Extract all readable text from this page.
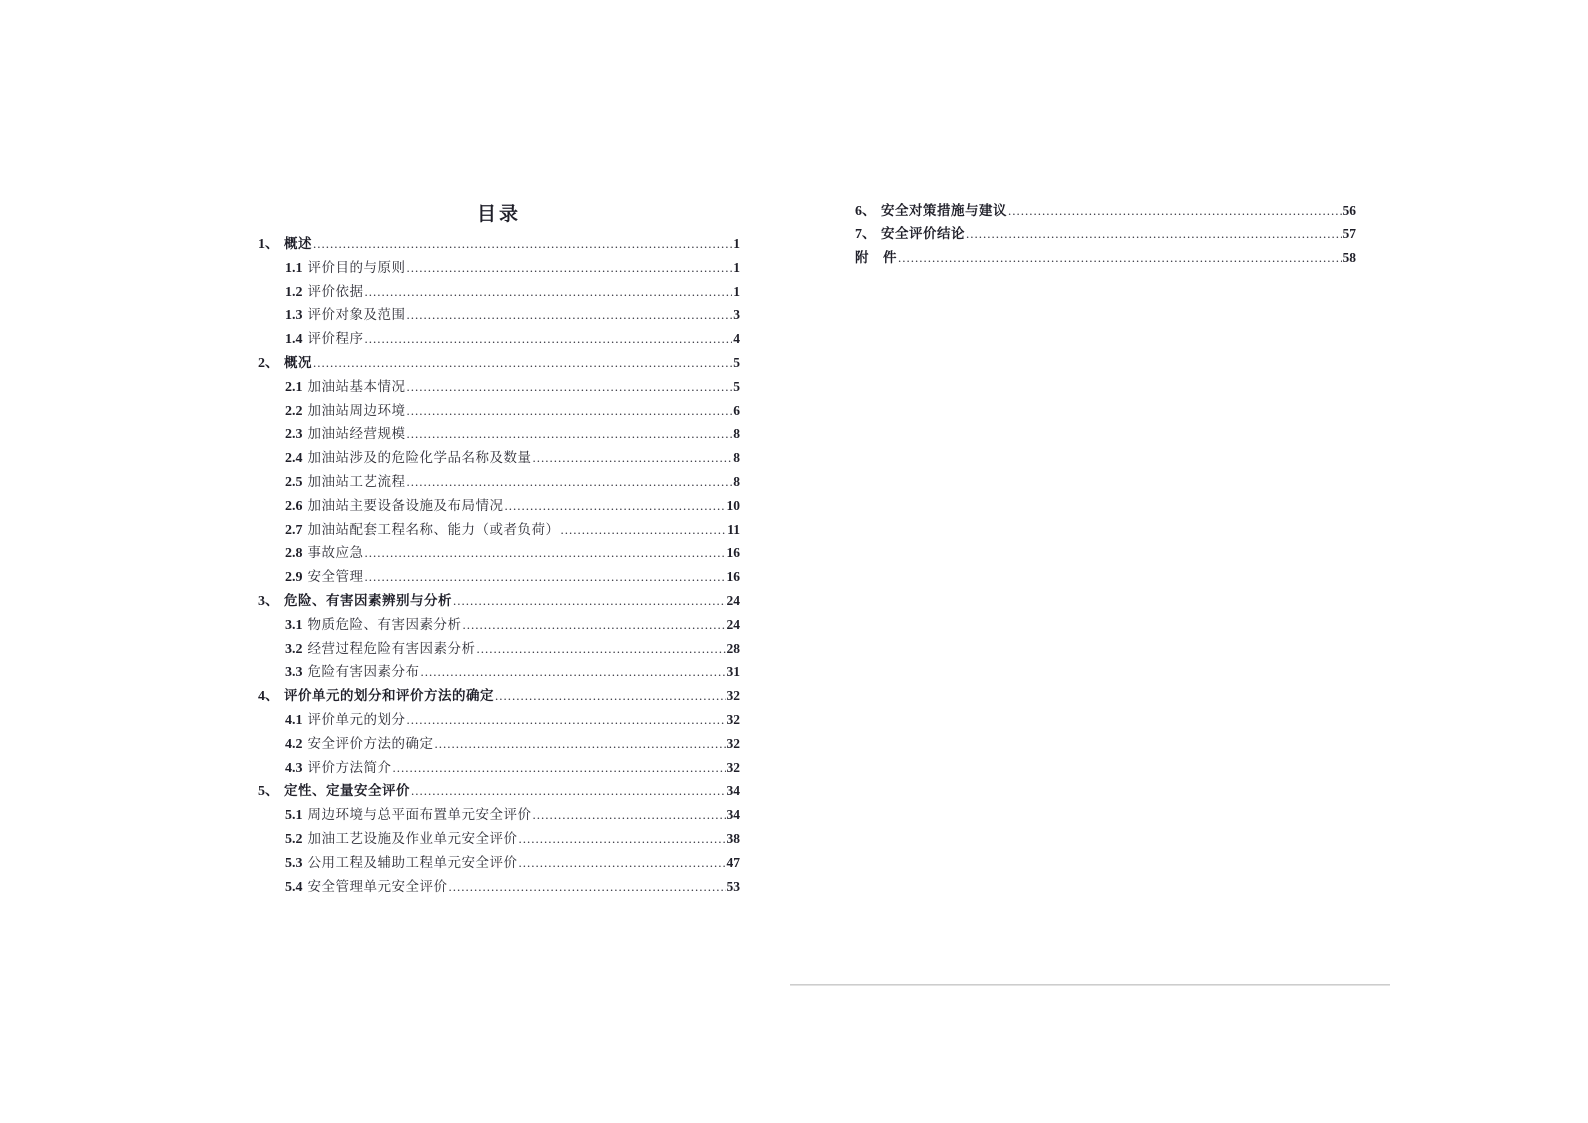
目录
1、 概述 .....	1
1.1 评价目的与原则 .....	1
1.2 评价依据 .....	1
1.3 评价对象及范围 .....	3
1.4 评价程序 .....	4
2、 概况 .....	5
2.1 加油站基本情况 .....	5
2.2 加油站周边环境 .....	6
2.3 加油站经营规模 .....	8
2.4 加油站涉及的危险化学品名称及数量 .....	8
2.5 加油站工艺流程 .....	8
2.6 加油站主要设备设施及布局情况 .....	10
2.7 加油站配套工程名称、能力（或者负荷） .....	11
2.8 事故应急 .....	16
2.9 安全管理 .....	16
3、 危险、有害因素辨别与分析 .....	24
3.1 物质危险、有害因素分析 .....	24
3.2 经营过程危险有害因素分析 .....	28
3.3 危险有害因素分布 .....	31
4、 评价单元的划分和评价方法的确定 .....	32
4.1 评价单元的划分 .....	32
4.2 安全评价方法的确定 .....	32
4.3 评价方法简介 .....	32
5、 定性、定量安全评价 .....	34
5.1 周边环境与总平面布置单元安全评价 .....	34
5.2 加油工艺设施及作业单元安全评价 .....	38
5.3 公用工程及辅助工程单元安全评价 .....	47
5.4 安全管理单元安全评价 .....	53
6、 安全对策措施与建议 .....	56
7、 安全评价结论 .....	57
附　件 .....	58
